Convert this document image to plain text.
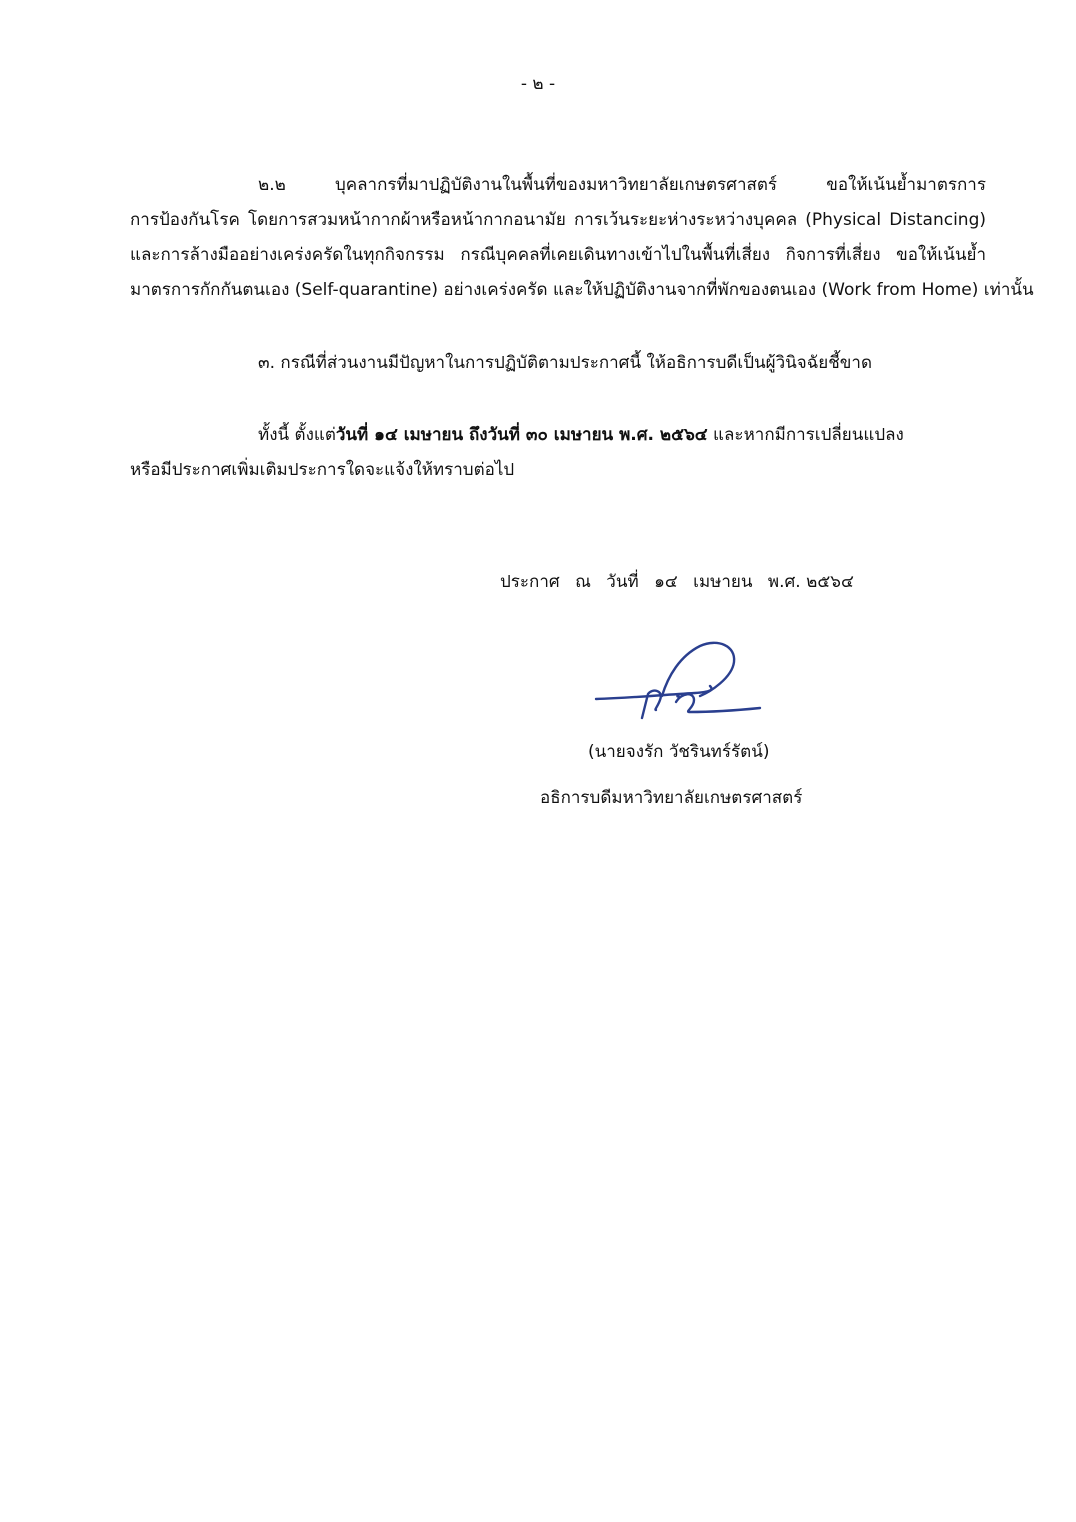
- ๒ -
๒.๒ บุคลากรที่มาปฏิบัติงานในพื้นที่ของมหาวิทยาลัยเกษตรศาสตร์ ขอให้เน้นย้ำมาตรการ
การป้องกันโรค โดยการสวมหน้ากากผ้าหรือหน้ากากอนามัย การเว้นระยะห่างระหว่างบุคคล (Physical Distancing)
และการล้างมืออย่างเคร่งครัดในทุกกิจกรรม กรณีบุคคลที่เคยเดินทางเข้าไปในพื้นที่เสี่ยง กิจการที่เสี่ยง ขอให้เน้นย้ำ
มาตรการกักกันตนเอง (Self-quarantine) อย่างเคร่งครัด และให้ปฏิบัติงานจากที่พักของตนเอง (Work from Home) เท่านั้น
๓. กรณีที่ส่วนงานมีปัญหาในการปฏิบัติตามประกาศนี้ ให้อธิการบดีเป็นผู้วินิจฉัยชี้ขาด
ทั้งนี้ ตั้งแต่วันที่ ๑๔ เมษายน ถึงวันที่ ๓๐ เมษายน พ.ศ. ๒๕๖๔ และหากมีการเปลี่ยนแปลง
หรือมีประกาศเพิ่มเติมประการใดจะแจ้งให้ทราบต่อไป
ประกาศ ณ วันที่ ๑๔ เมษายน พ.ศ. ๒๕๖๔
(นายจงรัก วัชรินทร์รัตน์)
อธิการบดีมหาวิทยาลัยเกษตรศาสตร์
